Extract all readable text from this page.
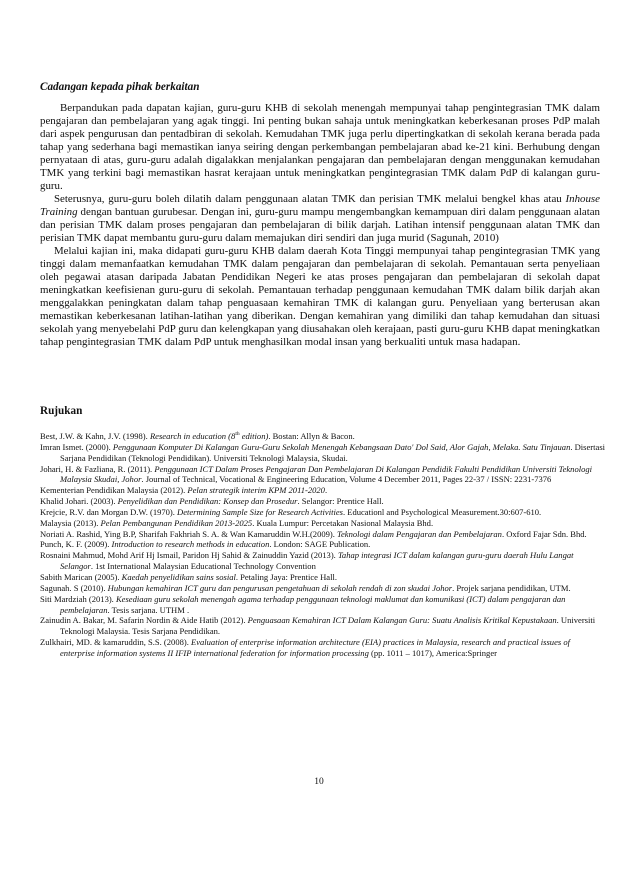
Cadangan kepada pihak berkaitan

Berpandukan pada dapatan kajian, guru-guru KHB di sekolah menengah mempunyai tahap pengintegrasian TMK dalam pengajaran dan pembelajaran yang agak tinggi. Ini penting bukan sahaja untuk meningkatkan keberkesanan proses PdP malah dari aspek pengurusan dan pentadbiran di sekolah. Kemudahan TMK juga perlu dipertingkatkan di sekolah kerana berada pada tahap yang sederhana bagi memastikan ianya seiring dengan perkembangan pembelajaran abad ke-21 kini. Berhubung dengan pernyataan di atas, guru-guru adalah digalakkan menjalankan pengajaran dan pembelajaran dengan menggunakan kemudahan TMK yang terkini bagi memastikan hasrat kerajaan untuk meningkatkan pengintegrasian TMK dalam PdP di kalangan guru-guru.

Seterusnya, guru-guru boleh dilatih dalam penggunaan alatan TMK dan perisian TMK melalui bengkel khas atau Inhouse Training dengan bantuan gurubesar. Dengan ini, guru-guru mampu mengembangkan kemampuan diri dalam penggunaan alatan dan perisian TMK dalam proses pengajaran dan pembelajaran di bilik darjah. Latihan intensif penggunaan alatan TMK dan perisian TMK dapat membantu guru-guru dalam memajukan diri sendiri dan juga murid (Sagunah, 2010)

Melalui kajian ini, maka didapati guru-guru KHB dalam daerah Kota Tinggi mempunyai tahap pengintegrasian TMK yang tinggi dalam memanfaatkan kemudahan TMK dalam pengajaran dan pembelajaran di sekolah. Pemantauan serta penyeliaan oleh pegawai atasan daripada Jabatan Pendidikan Negeri ke atas proses pengajaran dan pembelajaran di sekolah dapat meningkatkan keefisienan guru-guru di sekolah. Pemantauan terhadap penggunaan kemudahan TMK dalam bilik darjah akan menggalakkan peningkatan dalam tahap penguasaan kemahiran TMK di kalangan guru. Penyeliaan yang berterusan akan memastikan keberkesanan latihan-latihan yang diberikan. Dengan kemahiran yang dimiliki dan tahap kemudahan dan situasi sekolah yang menyebelahi PdP guru dan kelengkapan yang diusahakan oleh kerajaan, pasti guru-guru KHB dapat meningkatkan tahap pengintegrasian TMK dalam PdP untuk menghasilkan modal insan yang berkualiti untuk masa hadapan.

Rujukan

Best, J.W. & Kahn, J.V. (1998). Research in education (8th edition). Bostan: Allyn & Bacon.

Imran Ismet. (2000). Penggunaan Komputer Di Kalangan Guru-Guru Sekolah Menengah Kebangsaan Dato' Dol Said, Alor Gajah, Melaka. Satu Tinjauan. Disertasi Sarjana Pendidikan (Teknologi Pendidikan). Universiti Teknologi Malaysia, Skudai.

Johari, H. & Fazliana, R. (2011). Penggunaan ICT Dalam Proses Pengajaran Dan Pembelajaran Di Kalangan Pendidik Fakulti Pendidikan Universiti Teknologi Malaysia Skudai, Johor. Journal of Technical, Vocational & Engineering Education, Volume 4 December 2011, Pages 22-37 / ISSN: 2231-7376

Kementerian Pendidikan Malaysia (2012). Pelan strategik interim KPM 2011-2020.

Khalid Johari. (2003). Penyelidikan dan Pendidikan: Konsep dan Prosedur. Selangor: Prentice Hall.

Krejcie, R.V. dan Morgan D.W. (1970). Determining Sample Size for Research Activities. Educationl and Psychological Measurement.30:607-610.

Malaysia (2013). Pelan Pembangunan Pendidikan 2013-2025. Kuala Lumpur: Percetakan Nasional Malaysia Bhd.

Noriati A. Rashid, Ying B.P, Sharifah Fakhriah S. A. & Wan Kamaruddin W.H.(2009). Teknologi dalam Pengajaran dan Pembelajaran. Oxford Fajar Sdn. Bhd.

Punch, K. F. (2009). Introduction to research methods in education. London: SAGE Publication.

Rosnaini Mahmud, Mohd Arif Hj Ismail, Paridon Hj Sahid & Zainuddin Yazid (2013). Tahap integrasi ICT dalam kalangan guru-guru daerah Hulu Langat Selangor. 1st International Malaysian Educational Technology Convention

Sabith Marican (2005). Kaedah penyelidikan sains sosial. Petaling Jaya: Prentice Hall.

Sagunah. S (2010). Hubungan kemahiran ICT guru dan pengurusan pengetahuan di sekolah rendah di zon skudai Johor. Projek sarjana pendidikan, UTM.

Siti Mardziah (2013). Kesediaan guru sekolah menengah agama terhadap penggunaan teknologi maklumat dan komunikasi (ICT) dalam pengajaran dan pembelajaran. Tesis sarjana. UTHM .

Zainudin A. Bakar, M. Safarin Nordin & Aide Hatib (2012). Penguasaan Kemahiran ICT Dalam Kalangan Guru: Suatu Analisis Kritikal Kepustakaan. Universiti Teknologi Malaysia. Tesis Sarjana Pendidikan.

Zulkhairi, MD. & kamaruddin, S.S. (2008). Evaluation of enterprise information architecture (EIA) practices in Malaysia, research and practical issues of enterprise information systems II IFIP international federation for information processing (pp. 1011 – 1017), America:Springer

10
